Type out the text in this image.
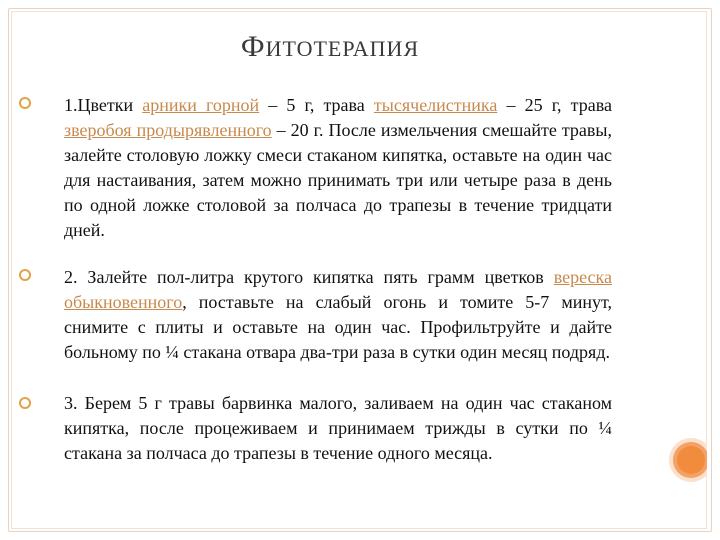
ФИТОТЕРАПИЯ
1.Цветки арники горной – 5 г, трава тысячелистника – 25 г, трава зверобоя продырявленного – 20 г. После измельчения смешайте травы, залейте столовую ложку смеси стаканом кипятка, оставьте на один час для настаивания, затем можно принимать три или четыре раза в день по одной ложке столовой за полчаса до трапезы в течение тридцати дней.
2. Залейте пол-литра крутого кипятка пять грамм цветков вереска обыкновенного, поставьте на слабый огонь и томите 5-7 минут, снимите с плиты и оставьте на один час. Профильтруйте и дайте больному по ¼ стакана отвара два-три раза в сутки один месяц подряд.
3. Берем 5 г травы барвинка малого, заливаем на один час стаканом кипятка, после процеживаем и принимаем трижды в сутки по ¼ стакана за полчаса до трапезы в течение одного месяца.
